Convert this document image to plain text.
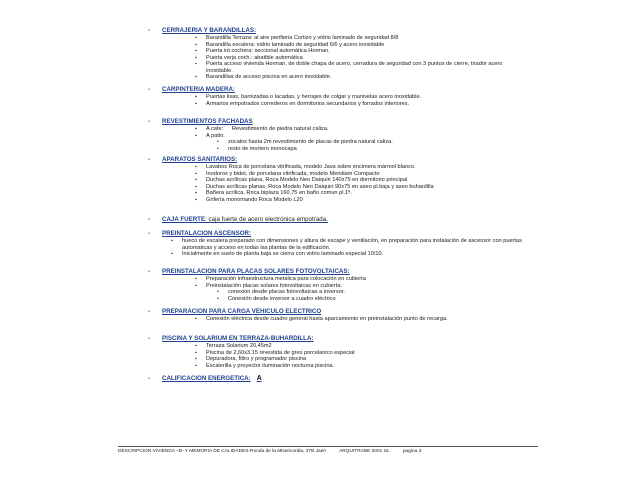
- CERRAJERIA Y BARANDILLAS:
▪ Barandilla Terraza: al aire perifieria Cortizo y vidrio laminado de seguridad 8/8
▪ Barandilla escalera: vidrio laminado de seguridad 6/6 y acero inoxidable
▪ Puerta int.cochera: seccional automática Horman.
▪ Puerta verja coch.: abatible automática
▪ Puerta acceso vivienda Horman, de doble chapa de acero, cerradura de seguridad con 3 puntos de cierre, tirador acero inoxidable.
▪ Barandillas de acceso piscina en acero inoxidable.
- CARPINTERIA MADERA:
▪ Puertas lisas, barnizadas o lacadas, y herrajes de colgar y manivelas acero inoxidable.
▪ Armarios empotrados correderos en dormitorios secundarios y forrados interiores.
- REVESTIMIENTOS FACHADAS
▪ A cafe: Revestimiento de piedra natural caliza.
▪ A patio:
• zocalos hasta 2m revestimiento de placas de piedra natural caliza.
• resto de mortero monocapa
- APARATOS SANITARIOS:
▪ Lavabos Roca de porcelana vitrificada, modelo Java sobre encimera mármol blanco.
▪ Inodoros y bidet, de porcelana vitrificada, modelo Meridiam Compacto
▪ Duchas acrílicas plana, Roca Modelo Neo Daiquiri 140x75 en dormitorio principal
▪ Duchas acrílicas planas, Roca Modelo Neo Daiquiri 90x75 en aseo pl.baja y aseo buhardilla
▪ Bañera acrílica, Roca biplaza 160,75 en baño comun pl.1ª.
▪ Grifería monomando Roca Modelo L20
- CAJA FUERTE: caja fuerte de acero electrónica empotrada.
- PREINTALACION ASCENSOR:
▪ hueco de escalera preparado con dimensiones y altura de escape y ventilación, en preparación para instalación de ascensor con puertas automaticas y acceso en todas las plantas de la edificación.
▪ Inicialmente en suelo de planta baja se cierra con vidrio laminado especial 10/10.
- PREINSTALACION PARA PLACAS SOLARES FOTOVOLTAICAS:
▪ Preparación infraestructura metalica para colocación en cubierta
▪ Preinstalación placas solares fotovoltaicas en cubierta:
• conexión desde placas fotovoltaicas a inversor.
• Conexión desde inversor a cuadro eléctrico
- PREPARACION PARA CARGA VEHICULO ELECTRICO
▪ Conexión eléctrica desde cuadro general hasta aparcamiento en preinstalación punto de recarga.
- PISCINA Y SOLARIUM EN TERRAZA-BUHARDILLA:
▪ Terraza Solarium 20,45m2
▪ Piscina de 2,60x3,15 revestida de gres porcelanico especial
▪ Depuradora, filtro y programador piscina
▪ Escalerilla y proyector iluminación nocturna piscina.
- CALIFICACION ENERGETICA: A
DESCRIPCION VIVIENDA –B- Y MEMORIA DE CALIDADES-Ronda de la Misericordia, 37B Jaen	ARQUITRABE 2001 SL	pagina 3
